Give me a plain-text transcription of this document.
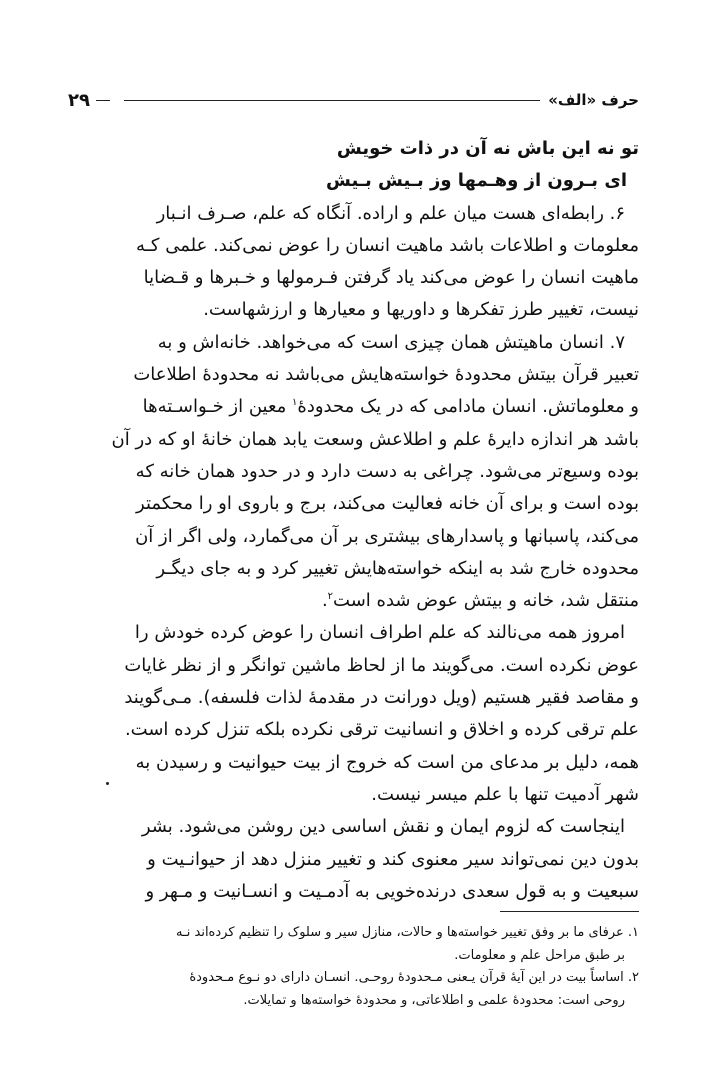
حرف «الف»
۲۹

تو نه این باش نه آن در ذات خویش

ای بـرون از وهـمها وز بـیش بـیش

۶. رابطه‌ای هست میان علم و اراده. آنگاه که علم، صـرف انـبار

معلومات و اطلاعات باشد ماهیت انسان را عوض نمی‌کند. علمی کـه

ماهیت انسان را عوض می‌کند یاد گرفتن فـرمولها و خـبرها و قـضایا

نیست، تغییر طرز تفکرها و داوریها و معیارها و ارزشهاست.

۷. انسان ماهیتش همان چیزی است که می‌خواهد. خانه‌اش و به

تعبیر قرآن بیتش محدودهٔ خواسته‌هایش می‌باشد نه محدودهٔ اطلاعات

و معلوماتش. انسان مادامی که در یک محدودهٔ$^۱$ معین از خـواسـته‌ها

باشد هر اندازه دایرهٔ علم و اطلاعش وسعت یابد همان خانهٔ او که در آن

بوده وسیع‌تر می‌شود. چراغی به دست دارد و در حدود همان خانه که

بوده است و برای آن خانه فعالیت می‌کند، برج و باروی او را محکمتر

می‌کند، پاسبانها و پاسدارهای بیشتری بر آن می‌گمارد، ولی اگر از آن

محدوده خارج شد به اینکه خواسته‌هایش تغییر کرد و به جای دیگـر

منتقل شد، خانه و بیتش عوض شده است$^۲$.

امروز همه می‌نالند که علم اطراف انسان را عوض کرده خودش را

عوض نکرده است. می‌گویند ما از لحاظ ماشین توانگر و از نظر غایات

و مقاصد فقیر هستیم (ویل دورانت در مقدمهٔ لذات فلسفه). مـی‌گویند

علم ترقی کرده و اخلاق و انسانیت ترقی نکرده بلکه تنزل کرده است.

همه، دلیل بر مدعای من است که خروج از بیت حیوانیت و رسیدن به

شهر آدمیت تنها با علم میسر نیست.

اینجاست که لزوم ایمان و نقش اساسی دین روشن می‌شود. بشر

بدون دین نمی‌تواند سیر معنوی کند و تغییر منزل دهد از حیوانـیت و

سبعیت و به قول سعدی درنده‌خویی به آدمـیت و انسـانیت و مـهر و

۱. عرفای ما بر وفق تغییر خواسته‌ها و حالات، منازل سیر و سلوک را تنظیم کرده‌اند نـه

بر طبق مراحل علم و معلومات.

۲. اساساً بیت در این آیهٔ قرآن یـعنی مـحدودهٔ روحـی. انسـان دارای دو نـوع مـحدودهٔ

روحی است: محدودهٔ علمی و اطلاعاتی، و محدودهٔ خواسته‌ها و تمایلات.
